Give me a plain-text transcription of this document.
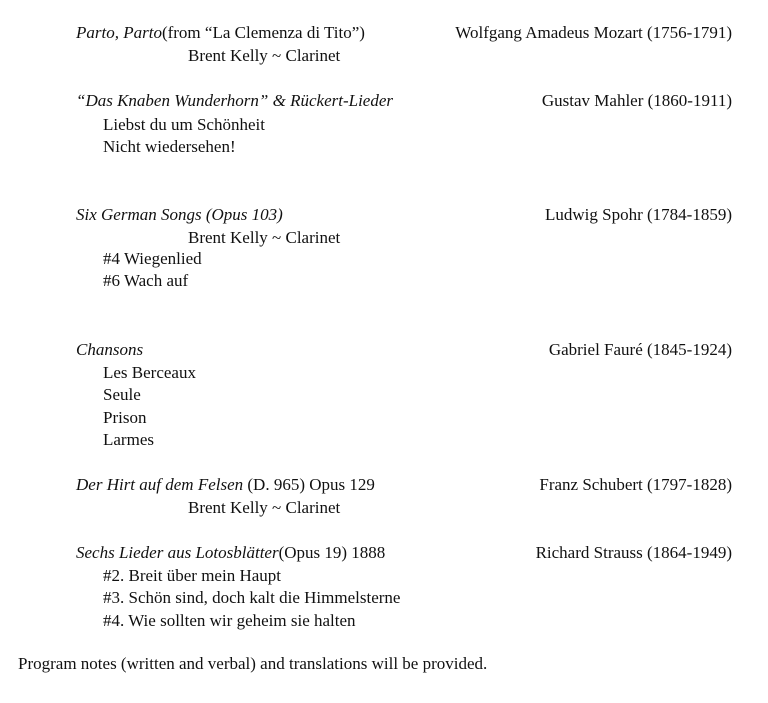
Parto, Parto(from “La Clemenza di Tito”)	Wolfgang Amadeus Mozart (1756-1791)
Brent Kelly ~ Clarinet
“Das Knaben Wunderhorn” & Rückert-Lieder	Gustav Mahler (1860-1911)
Liebst du um Schönheit
Nicht wiedersehen!
Six German Songs (Opus 103)	Ludwig Spohr (1784-1859)
Brent Kelly ~ Clarinet
#4 Wiegenlied
#6 Wach auf
Chansons	Gabriel Fauré (1845-1924)
Les Berceaux
Seule
Prison
Larmes
Der Hirt auf dem Felsen (D. 965) Opus 129	Franz Schubert (1797-1828)
Brent Kelly ~ Clarinet
Sechs Lieder aus Lotosblätter(Opus 19) 1888	Richard Strauss (1864-1949)
#2. Breit über mein Haupt
#3. Schön sind, doch kalt die Himmelsterne
#4. Wie sollten wir geheim sie halten
Program notes (written and verbal) and translations will be provided.
